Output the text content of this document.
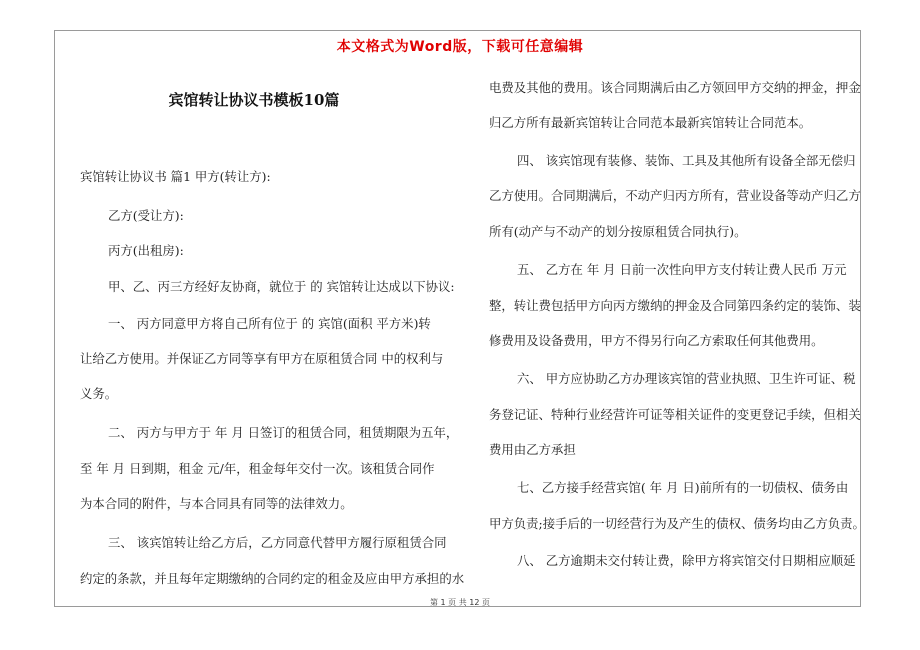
本文格式为Word版，下载可任意编辑
宾馆转让协议书模板10篇
宾馆转让协议书 篇1 甲方(转让方):
乙方(受让方):
丙方(出租房):
甲、乙、丙三方经好友协商，就位于 的 宾馆转让达成以下协议:
一、 丙方同意甲方将自己所有位于 的 宾馆(面积 平方米)转
让给乙方使用。并保证乙方同等享有甲方在原租赁合同 中的权利与
义务。
二、 丙方与甲方于 年 月 日签订的租赁合同，租赁期限为五年，
至 年 月 日到期，租金 元/年，租金每年交付一次。该租赁合同作
为本合同的附件，与本合同具有同等的法律效力。
三、 该宾馆转让给乙方后，乙方同意代替甲方履行原租赁合同
约定的条款，并且每年定期缴纳的合同约定的租金及应由甲方承担的水
电费及其他的费用。该合同期满后由乙方领回甲方交纳的押金，押金
归乙方所有最新宾馆转让合同范本最新宾馆转让合同范本。
四、 该宾馆现有装修、装饰、工具及其他所有设备全部无偿归
乙方使用。合同期满后，不动产归丙方所有，营业设备等动产归乙方
所有(动产与不动产的划分按原租赁合同执行)。
五、 乙方在 年 月 日前一次性向甲方支付转让费人民币 万元
整，转让费包括甲方向丙方缴纳的押金及合同第四条约定的装饰、装
修费用及设备费用，甲方不得另行向乙方索取任何其他费用。
六、 甲方应协助乙方办理该宾馆的营业执照、卫生许可证、税
务登记证、特种行业经营许可证等相关证件的变更登记手续，但相关
费用由乙方承担
七、乙方接手经营宾馆( 年 月 日)前所有的一切债权、债务由
甲方负责;接手后的一切经营行为及产生的债权、债务均由乙方负责。
八、 乙方逾期未交付转让费，除甲方将宾馆交付日期相应顺延
第 1 页 共 12 页
